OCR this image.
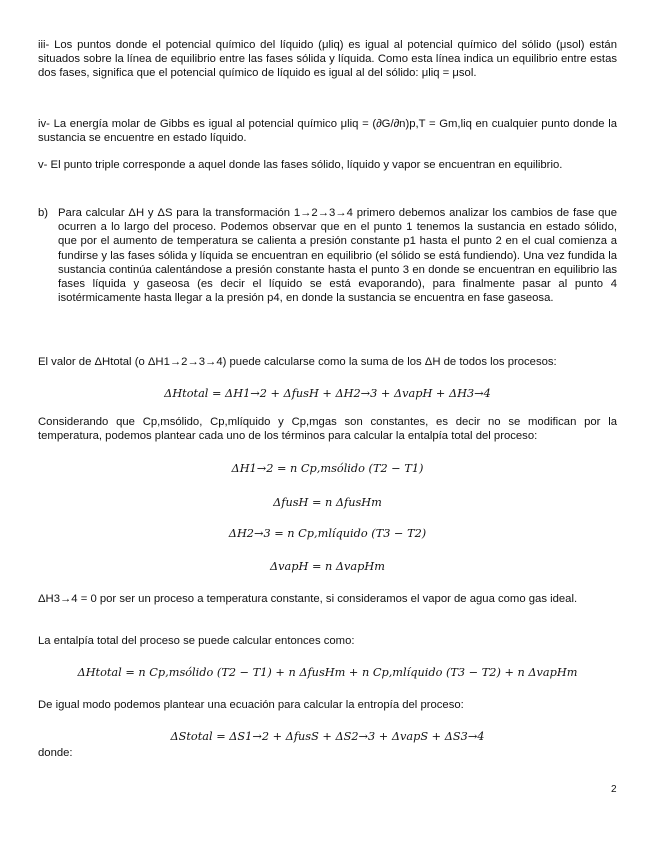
iii- Los puntos donde el potencial químico del líquido (μliq) es igual al potencial químico del sólido (μsol) están situados sobre la línea de equilibrio entre las fases sólida y líquida. Como esta línea indica un equilibrio entre estas dos fases, significa que el potencial químico de líquido es igual al del sólido: μliq = μsol.

iv- La energía molar de Gibbs es igual al potencial químico μliq = (∂G/∂n)p,T = Gm,liq en cualquier punto donde la sustancia se encuentre en estado líquido.

v- El punto triple corresponde a aquel donde las fases sólido, líquido y vapor se encuentran en equilibrio.

b) Para calcular ΔH y ΔS para la transformación 1→2→3→4 primero debemos analizar los cambios de fase que ocurren a lo largo del proceso. Podemos observar que en el punto 1 tenemos la sustancia en estado sólido, que por el aumento de temperatura se calienta a presión constante p1 hasta el punto 2 en el cual comienza a fundirse y las fases sólida y líquida se encuentran en equilibrio (el sólido se está fundiendo). Una vez fundida la sustancia continúa calentándose a presión constante hasta el punto 3 en donde se encuentran en equilibrio las fases líquida y gaseosa (es decir el líquido se está evaporando), para finalmente pasar al punto 4 isotérmicamente hasta llegar a la presión p4, en donde la sustancia se encuentra en fase gaseosa.

El valor de ΔHtotal (o ΔH1→2→3→4) puede calcularse como la suma de los ΔH de todos los procesos:

ΔHtotal = ΔH1→2 + ΔfusH + ΔH2→3 + ΔvapH + ΔH3→4

Considerando que Cp,msólido, Cp,mlíquido y Cp,mgas son constantes, es decir no se modifican por la temperatura, podemos plantear cada uno de los términos para calcular la entalpía total del proceso:

ΔH1→2 = n Cp,msólido (T2 − T1)
ΔfusH = n ΔfusHm
ΔH2→3 = n Cp,mlíquido (T3 − T2)
ΔvapH = n ΔvapHm

ΔH3→4 = 0 por ser un proceso a temperatura constante, si consideramos el vapor de agua como gas ideal.

La entalpía total del proceso se puede calcular entonces como:

ΔHtotal = n Cp,msólido (T2 − T1) + n ΔfusHm + n Cp,mlíquido (T3 − T2) + n ΔvapHm

De igual modo podemos plantear una ecuación para calcular la entropía del proceso:

ΔStotal = ΔS1→2 + ΔfusS + ΔS2→3 + ΔvapS + ΔS3→4

donde:

2
